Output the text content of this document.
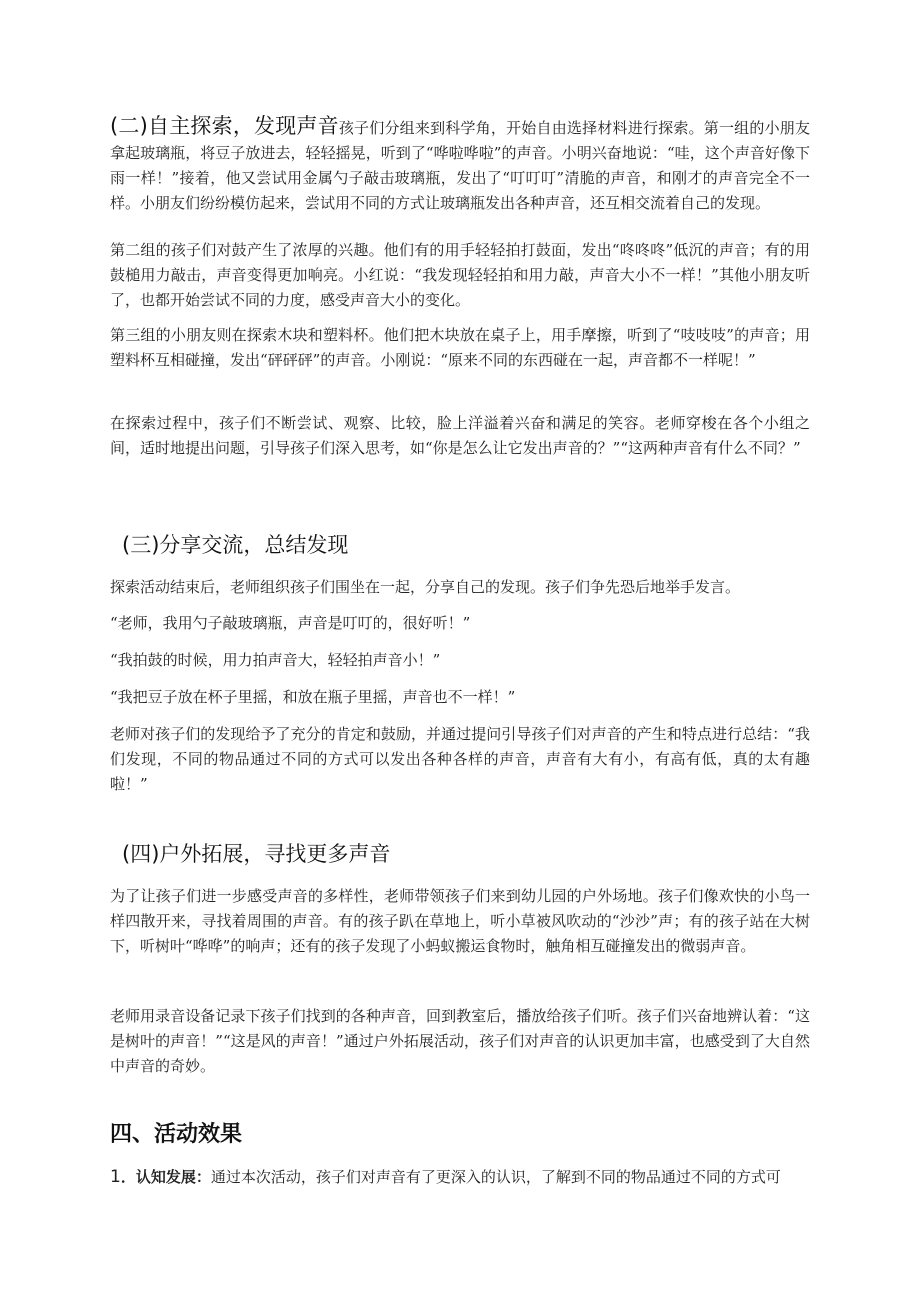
(二)自主探索，发现声音孩子们分组来到科学角，开始自由选择材料进行探索。第一组的小朋友拿起玻璃瓶，将豆子放进去，轻轻摇晃，听到了“哗啦哗啦”的声音。小明兴奋地说：“哇，这个声音好像下雨一样！”接着，他又尝试用金属勺子敲击玻璃瓶，发出了“叮叮叮”清脆的声音，和刚才的声音完全不一样。小朋友们纷纷模仿起来，尝试用不同的方式让玻璃瓶发出各种声音，还互相交流着自己的发现。

第二组的孩子们对鼓产生了浓厚的兴趣。他们有的用手轻轻拍打鼓面，发出“咚咚咚”低沉的声音；有的用鼓槌用力敲击，声音变得更加响亮。小红说：“我发现轻轻拍和用力敲，声音大小不一样！”其他小朋友听了，也都开始尝试不同的力度，感受声音大小的变化。

第三组的小朋友则在探索木块和塑料杯。他们把木块放在桌子上，用手摩擦，听到了“吱吱吱”的声音；用塑料杯互相碰撞，发出“砰砰砰”的声音。小刚说：“原来不同的东西碰在一起，声音都不一样呢！”

在探索过程中，孩子们不断尝试、观察、比较，脸上洋溢着兴奋和满足的笑容。老师穿梭在各个小组之间，适时地提出问题，引导孩子们深入思考，如“你是怎么让它发出声音的？”“这两种声音有什么不同？”

(三)分享交流，总结发现

探索活动结束后，老师组织孩子们围坐在一起，分享自己的发现。孩子们争先恐后地举手发言。

“老师，我用勺子敲玻璃瓶，声音是叮叮的，很好听！”

“我拍鼓的时候，用力拍声音大，轻轻拍声音小！”

“我把豆子放在杯子里摇，和放在瓶子里摇，声音也不一样！”

老师对孩子们的发现给予了充分的肯定和鼓励，并通过提问引导孩子们对声音的产生和特点进行总结：“我们发现，不同的物品通过不同的方式可以发出各种各样的声音，声音有大有小，有高有低，真的太有趣啦！”

(四)户外拓展，寻找更多声音

为了让孩子们进一步感受声音的多样性，老师带领孩子们来到幼儿园的户外场地。孩子们像欢快的小鸟一样四散开来，寻找着周围的声音。有的孩子趴在草地上，听小草被风吹动的“沙沙”声；有的孩子站在大树下，听树叶“哗哗”的响声；还有的孩子发现了小蚂蚁搬运食物时，触角相互碰撞发出的微弱声音。

老师用录音设备记录下孩子们找到的各种声音，回到教室后，播放给孩子们听。孩子们兴奋地辨认着：“这是树叶的声音！”“这是风的声音！”通过户外拓展活动，孩子们对声音的认识更加丰富，也感受到了大自然中声音的奇妙。

四、活动效果

1．认知发展：通过本次活动，孩子们对声音有了更深入的认识，了解到不同的物品通过不同的方式可
